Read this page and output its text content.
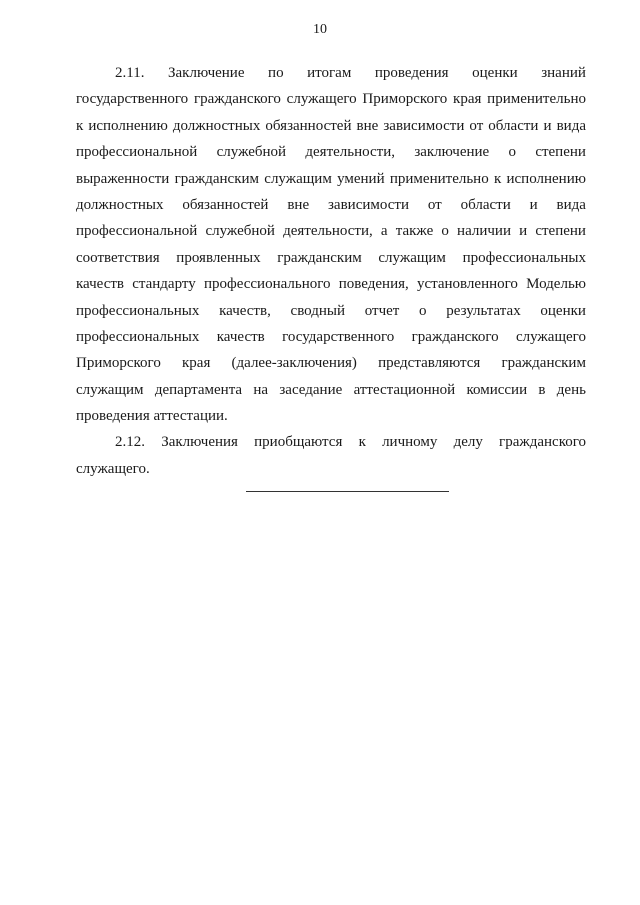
10
2.11. Заключение по итогам проведения оценки знаний
государственного гражданского служащего Приморского края применительно
к исполнению должностных обязанностей вне зависимости от области и вида
профессиональной служебной деятельности, заключение о степени
выраженности гражданским служащим умений применительно к исполнению
должностных обязанностей вне зависимости от области и вида
профессиональной служебной деятельности, а также о наличии и степени
соответствия проявленных гражданским служащим профессиональных
качеств стандарту профессионального поведения, установленного Моделью
профессиональных качеств, сводный отчет о результатах оценки
профессиональных качеств государственного гражданского служащего
Приморского края (далее-заключения) представляются гражданским
служащим департамента на заседание аттестационной комиссии в день
проведения аттестации.
2.12. Заключения приобщаются к личному делу гражданского
служащего.
